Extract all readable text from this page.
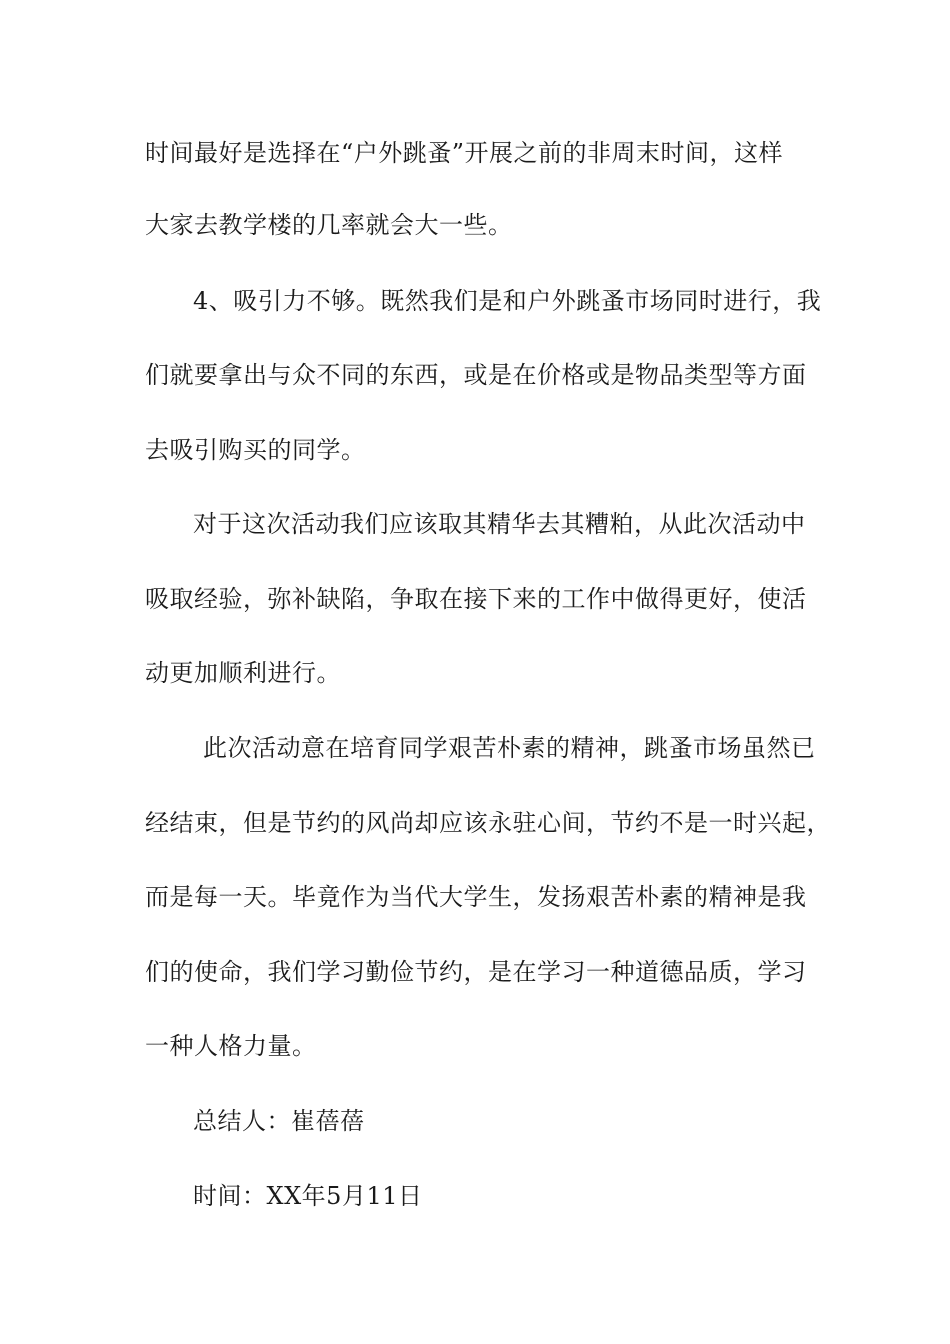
时间最好是选择在“户外跳蚤”开展之前的非周末时间，这样
大家去教学楼的几率就会大一些。
4、吸引力不够。既然我们是和户外跳蚤市场同时进行，我
们就要拿出与众不同的东西，或是在价格或是物品类型等方面
去吸引购买的同学。
对于这次活动我们应该取其精华去其糟粕，从此次活动中
吸取经验，弥补缺陷，争取在接下来的工作中做得更好，使活
动更加顺利进行。
此次活动意在培育同学艰苦朴素的精神，跳蚤市场虽然已
经结束，但是节约的风尚却应该永驻心间，节约不是一时兴起，
而是每一天。毕竟作为当代大学生，发扬艰苦朴素的精神是我
们的使命，我们学习勤俭节约，是在学习一种道德品质，学习
一种人格力量。
总结人：崔蓓蓓
时间：XX年5月11日
